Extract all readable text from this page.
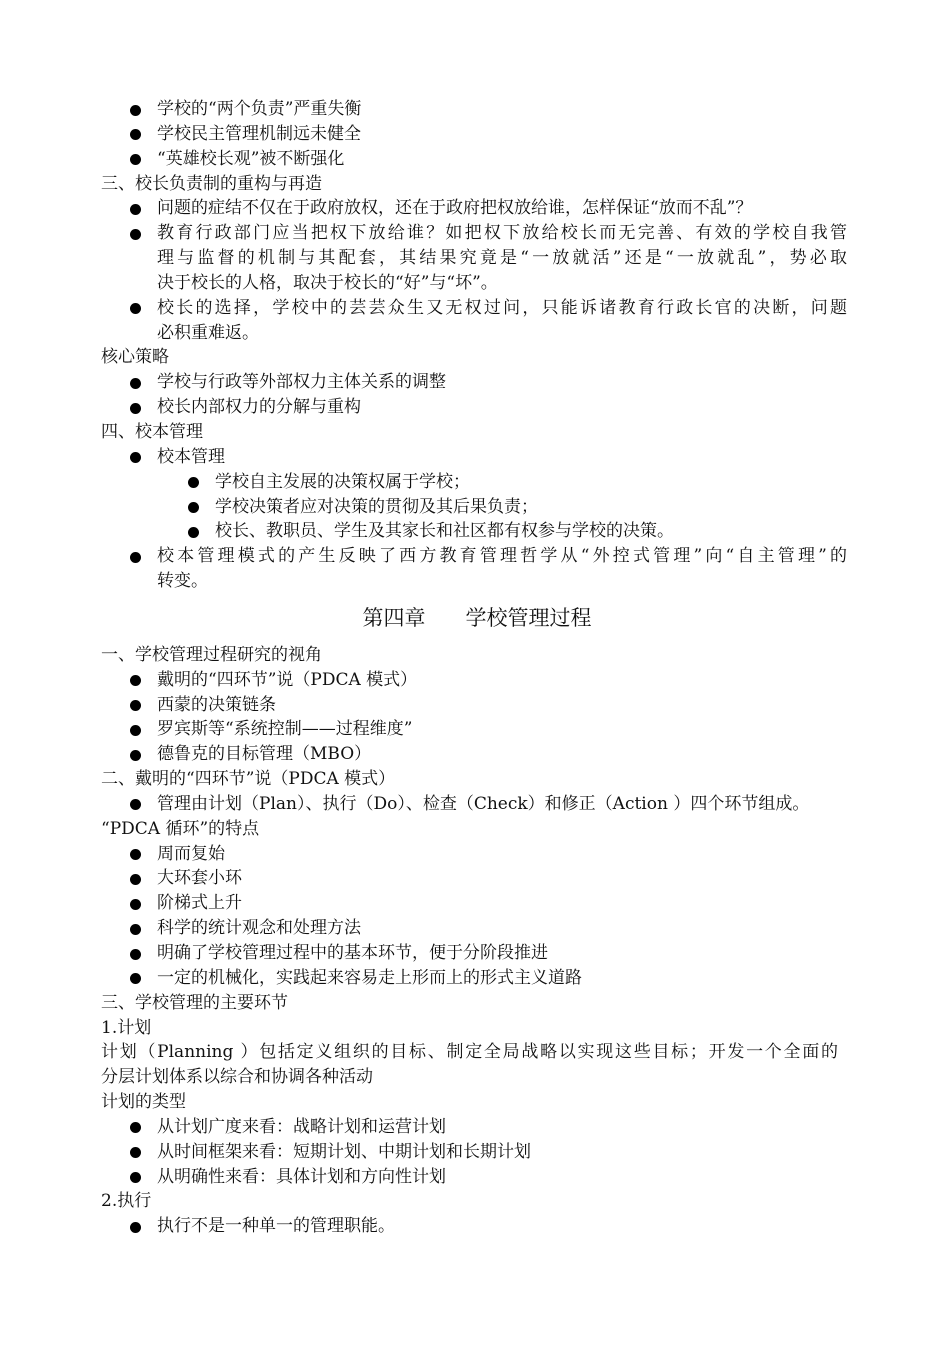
学校的“两个负责”严重失衡
学校民主管理机制远未健全
“英雄校长观”被不断强化
三、校长负责制的重构与再造
问题的症结不仅在于政府放权，还在于政府把权放给谁，怎样保证“放而不乱”？
教育行政部门应当把权下放给谁？如把权下放给校长而无完善、有效的学校自我管
理与监督的机制与其配套，其结果究竟是“一放就活”还是“一放就乱”，势必取
决于校长的人格，取决于校长的“好”与“坏”。
校长的选择，学校中的芸芸众生又无权过问，只能诉诸教育行政长官的决断，问题
必积重难返。
核心策略
学校与行政等外部权力主体关系的调整
校长内部权力的分解与重构
四、校本管理
校本管理
学校自主发展的决策权属于学校；
学校决策者应对决策的贯彻及其后果负责；
校长、教职员、学生及其家长和社区都有权参与学校的决策。
校本管理模式的产生反映了西方教育管理哲学从“外控式管理”向“自主管理”的
转变。
第四章      学校管理过程
一、学校管理过程研究的视角
戴明的“四环节”说（PDCA 模式）
西蒙的决策链条
罗宾斯等“系统控制——过程维度”
德鲁克的目标管理（MBO）
二、戴明的“四环节”说（PDCA 模式）
管理由计划（Plan）、执行（Do）、检查（Check）和修正（Action ）四个环节组成。
“PDCA 循环”的特点
周而复始
大环套小环
阶梯式上升
科学的统计观念和处理方法
明确了学校管理过程中的基本环节，便于分阶段推进
一定的机械化，实践起来容易走上形而上的形式主义道路
三、学校管理的主要环节
1.计划
计划（Planning ）包括定义组织的目标、制定全局战略以实现这些目标；开发一个全面的
分层计划体系以综合和协调各种活动
计划的类型
从计划广度来看：战略计划和运营计划
从时间框架来看：短期计划、中期计划和长期计划
从明确性来看：具体计划和方向性计划
2.执行
执行不是一种单一的管理职能。
